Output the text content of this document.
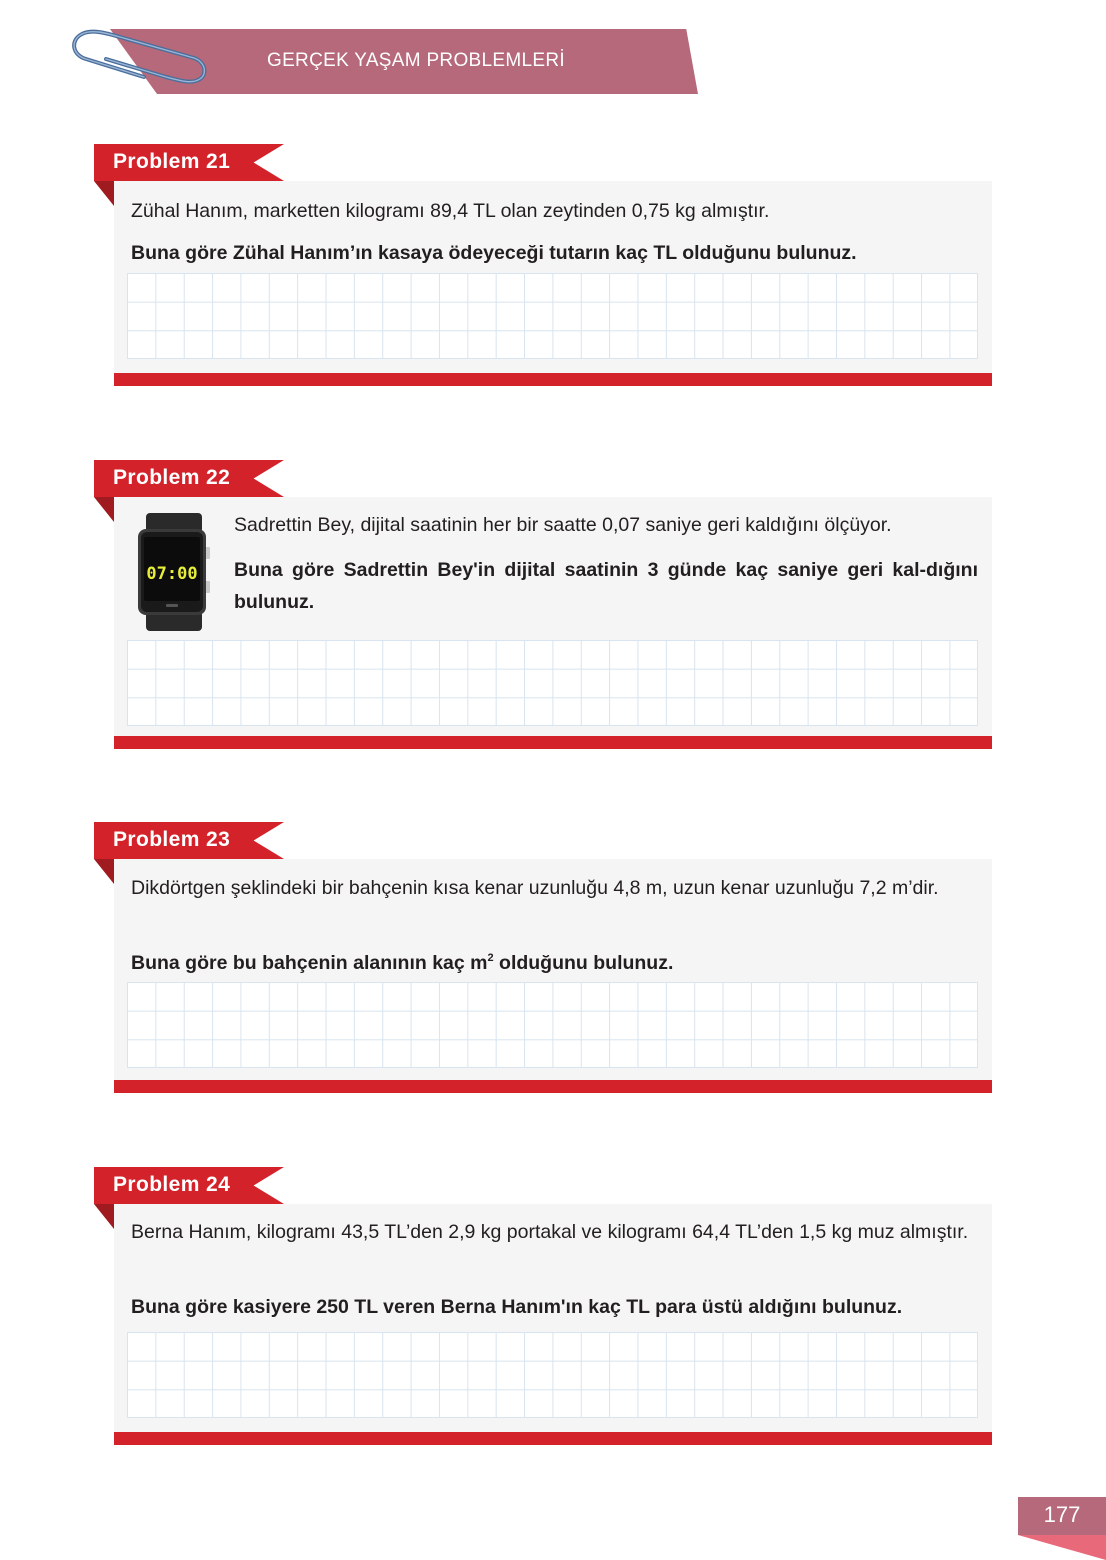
GERÇEK YAŞAM PROBLEMLERİ
Problem 21
Zühal Hanım, marketten kilogramı 89,4 TL olan zeytinden 0,75 kg almıştır.
Buna göre Zühal Hanım’ın kasaya ödeyeceği tutarın kaç TL olduğunu bulunuz.
Problem 22
Sadrettin Bey, dijital saatinin her bir saatte 0,07 saniye geri kaldığını ölçüyor.
Buna göre Sadrettin Bey'in dijital saatinin 3 günde kaç saniye geri kal-dığını bulunuz.
07:00
Problem 23
Dikdörtgen şeklindeki bir bahçenin kısa kenar uzunluğu 4,8 m, uzun kenar uzunluğu 7,2 m’dir.
Buna göre bu bahçenin alanının kaç $m^2$ olduğunu bulunuz.
Problem 24
Berna Hanım, kilogramı 43,5 TL’den 2,9 kg portakal ve kilogramı 64,4 TL’den 1,5 kg muz almıştır.
Buna göre kasiyere 250 TL veren Berna Hanım'ın kaç TL para üstü aldığını bulunuz.
177
